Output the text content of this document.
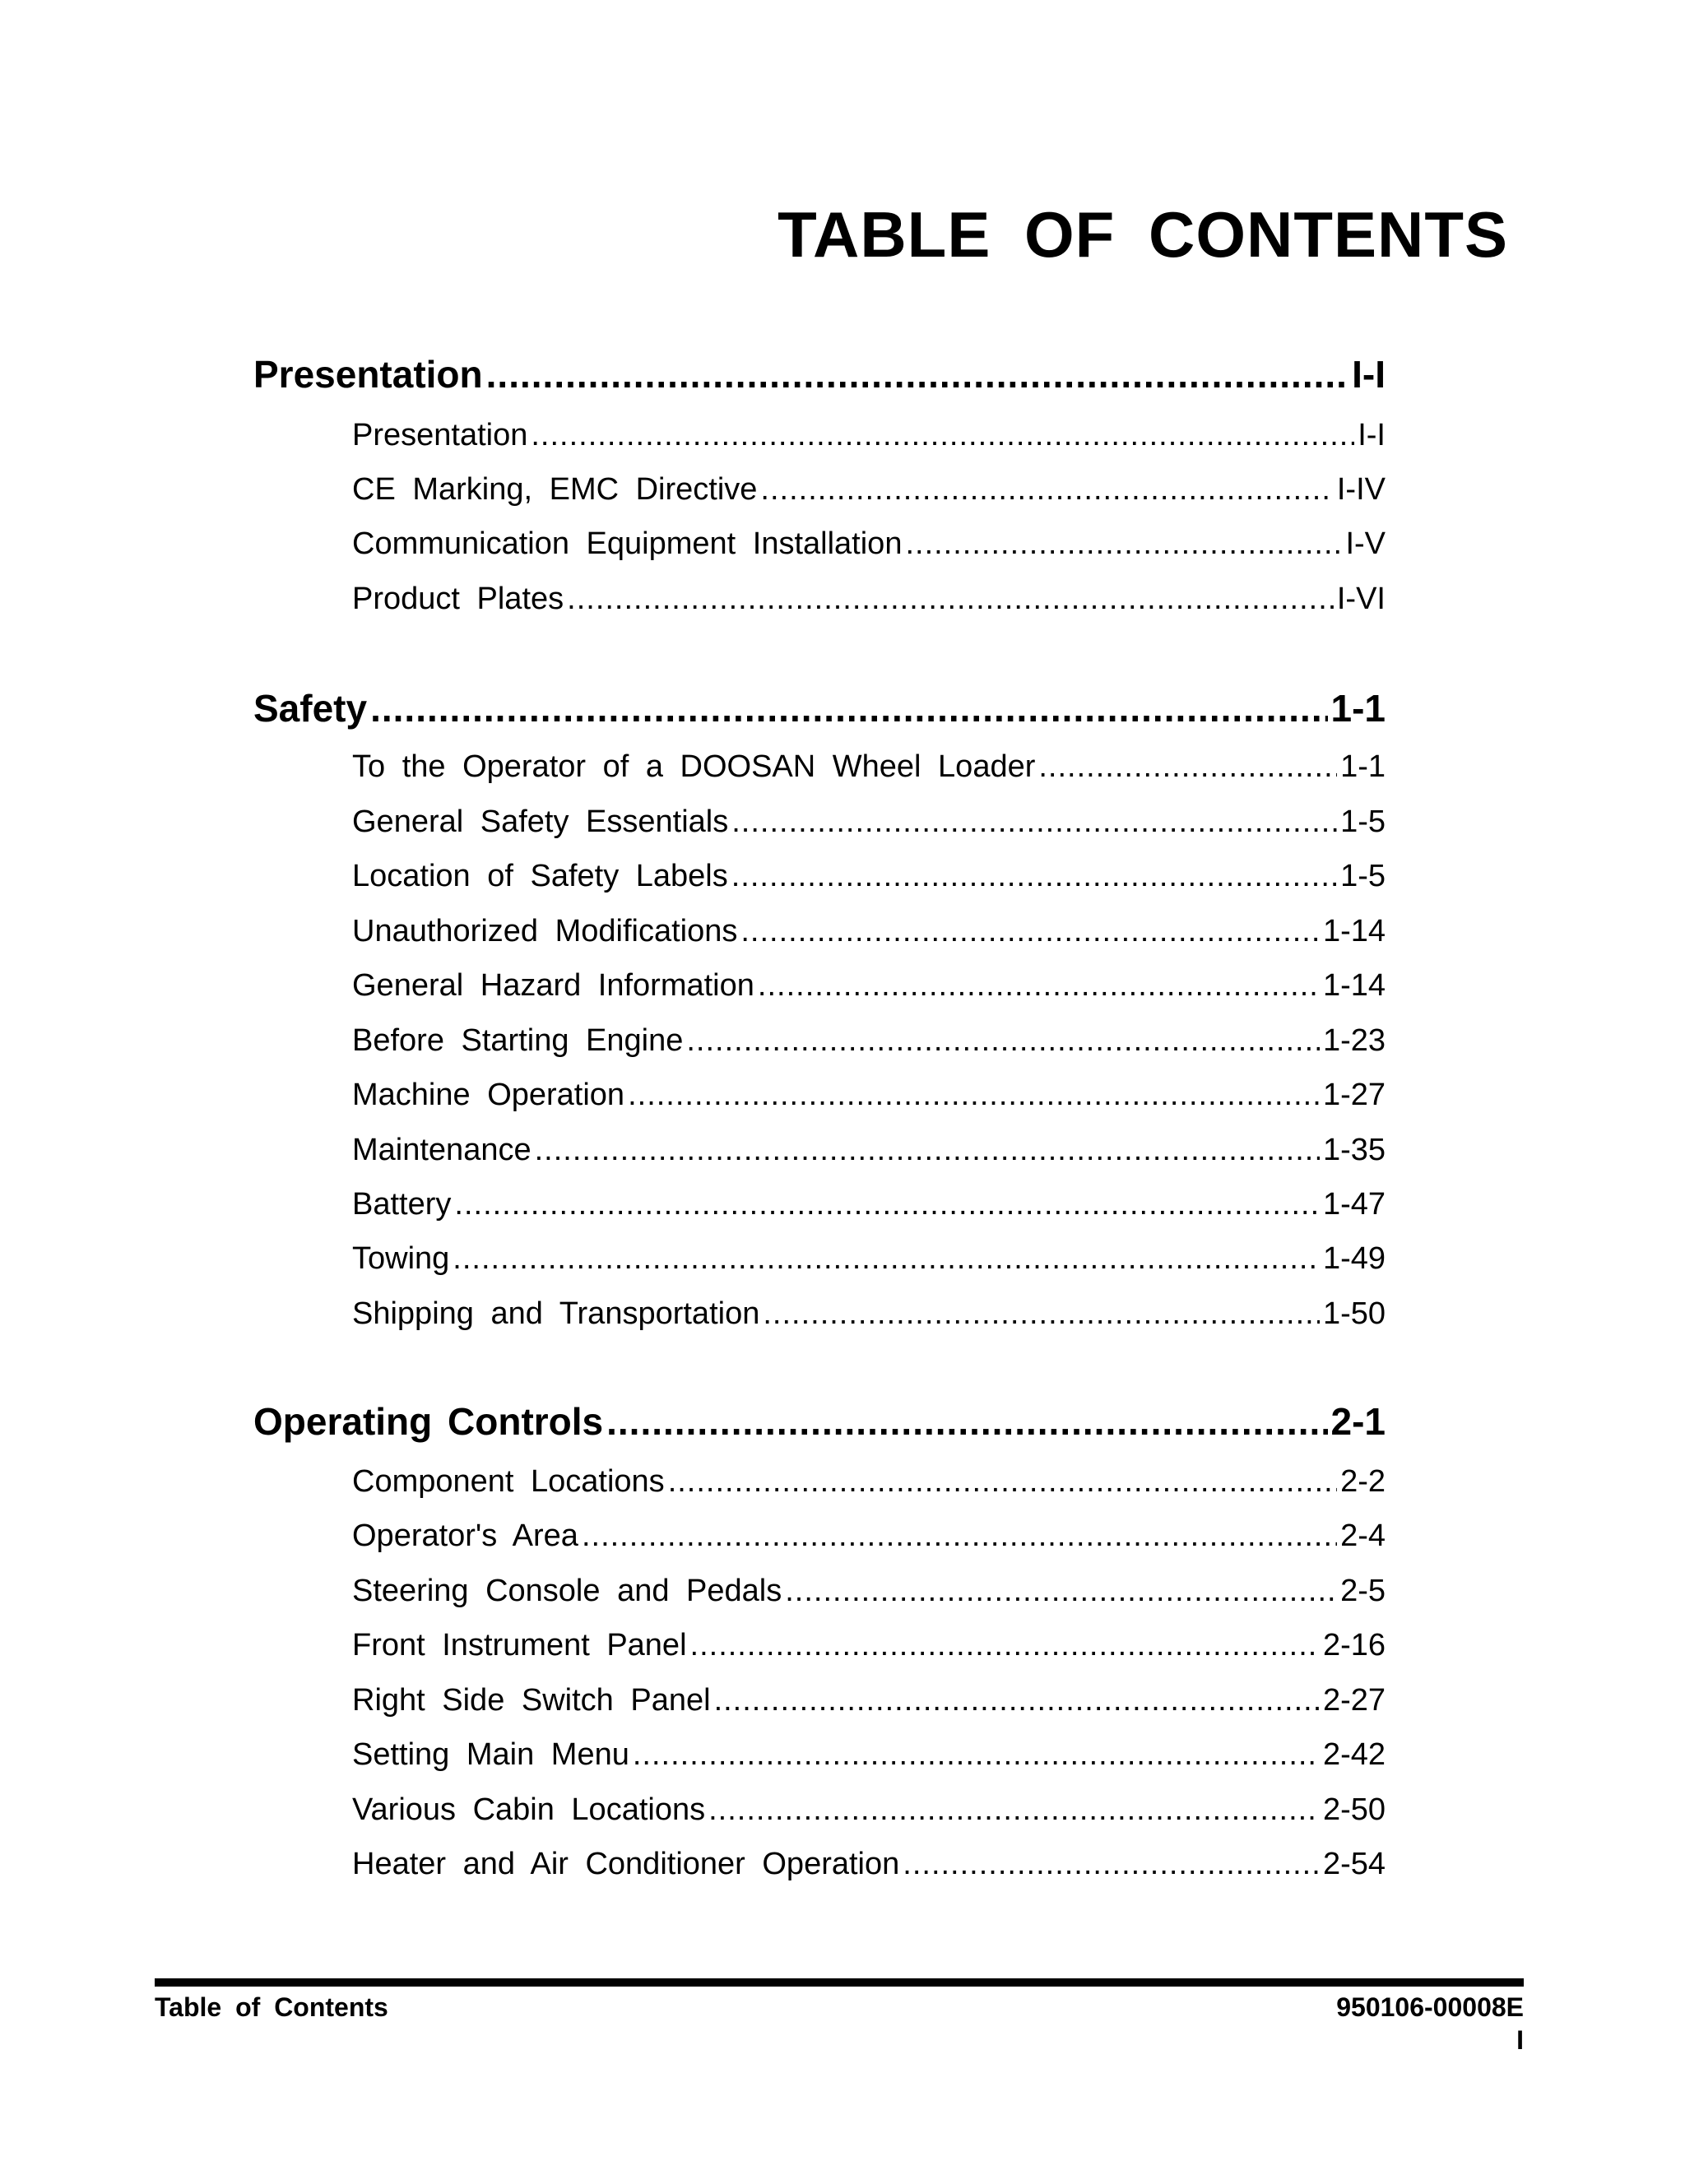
TABLE OF CONTENTS
Presentation .....	I-I
Presentation .....	I-I
CE Marking, EMC Directive .....	I-IV
Communication Equipment Installation .....	I-V
Product Plates .....	I-VI
Safety .....	1-1
To the Operator of a DOOSAN Wheel Loader .....	1-1
General Safety Essentials .....	1-5
Location of Safety Labels .....	1-5
Unauthorized Modifications .....	1-14
General Hazard Information .....	1-14
Before Starting Engine .....	1-23
Machine Operation .....	1-27
Maintenance .....	1-35
Battery .....	1-47
Towing .....	1-49
Shipping and Transportation .....	1-50
Operating Controls .....	2-1
Component Locations .....	2-2
Operator's Area .....	2-4
Steering Console and Pedals .....	2-5
Front Instrument Panel .....	2-16
Right Side Switch Panel .....	2-27
Setting Main Menu .....	2-42
Various Cabin Locations .....	2-50
Heater and Air Conditioner Operation .....	2-54
Table of Contents	950106-00008E
I
